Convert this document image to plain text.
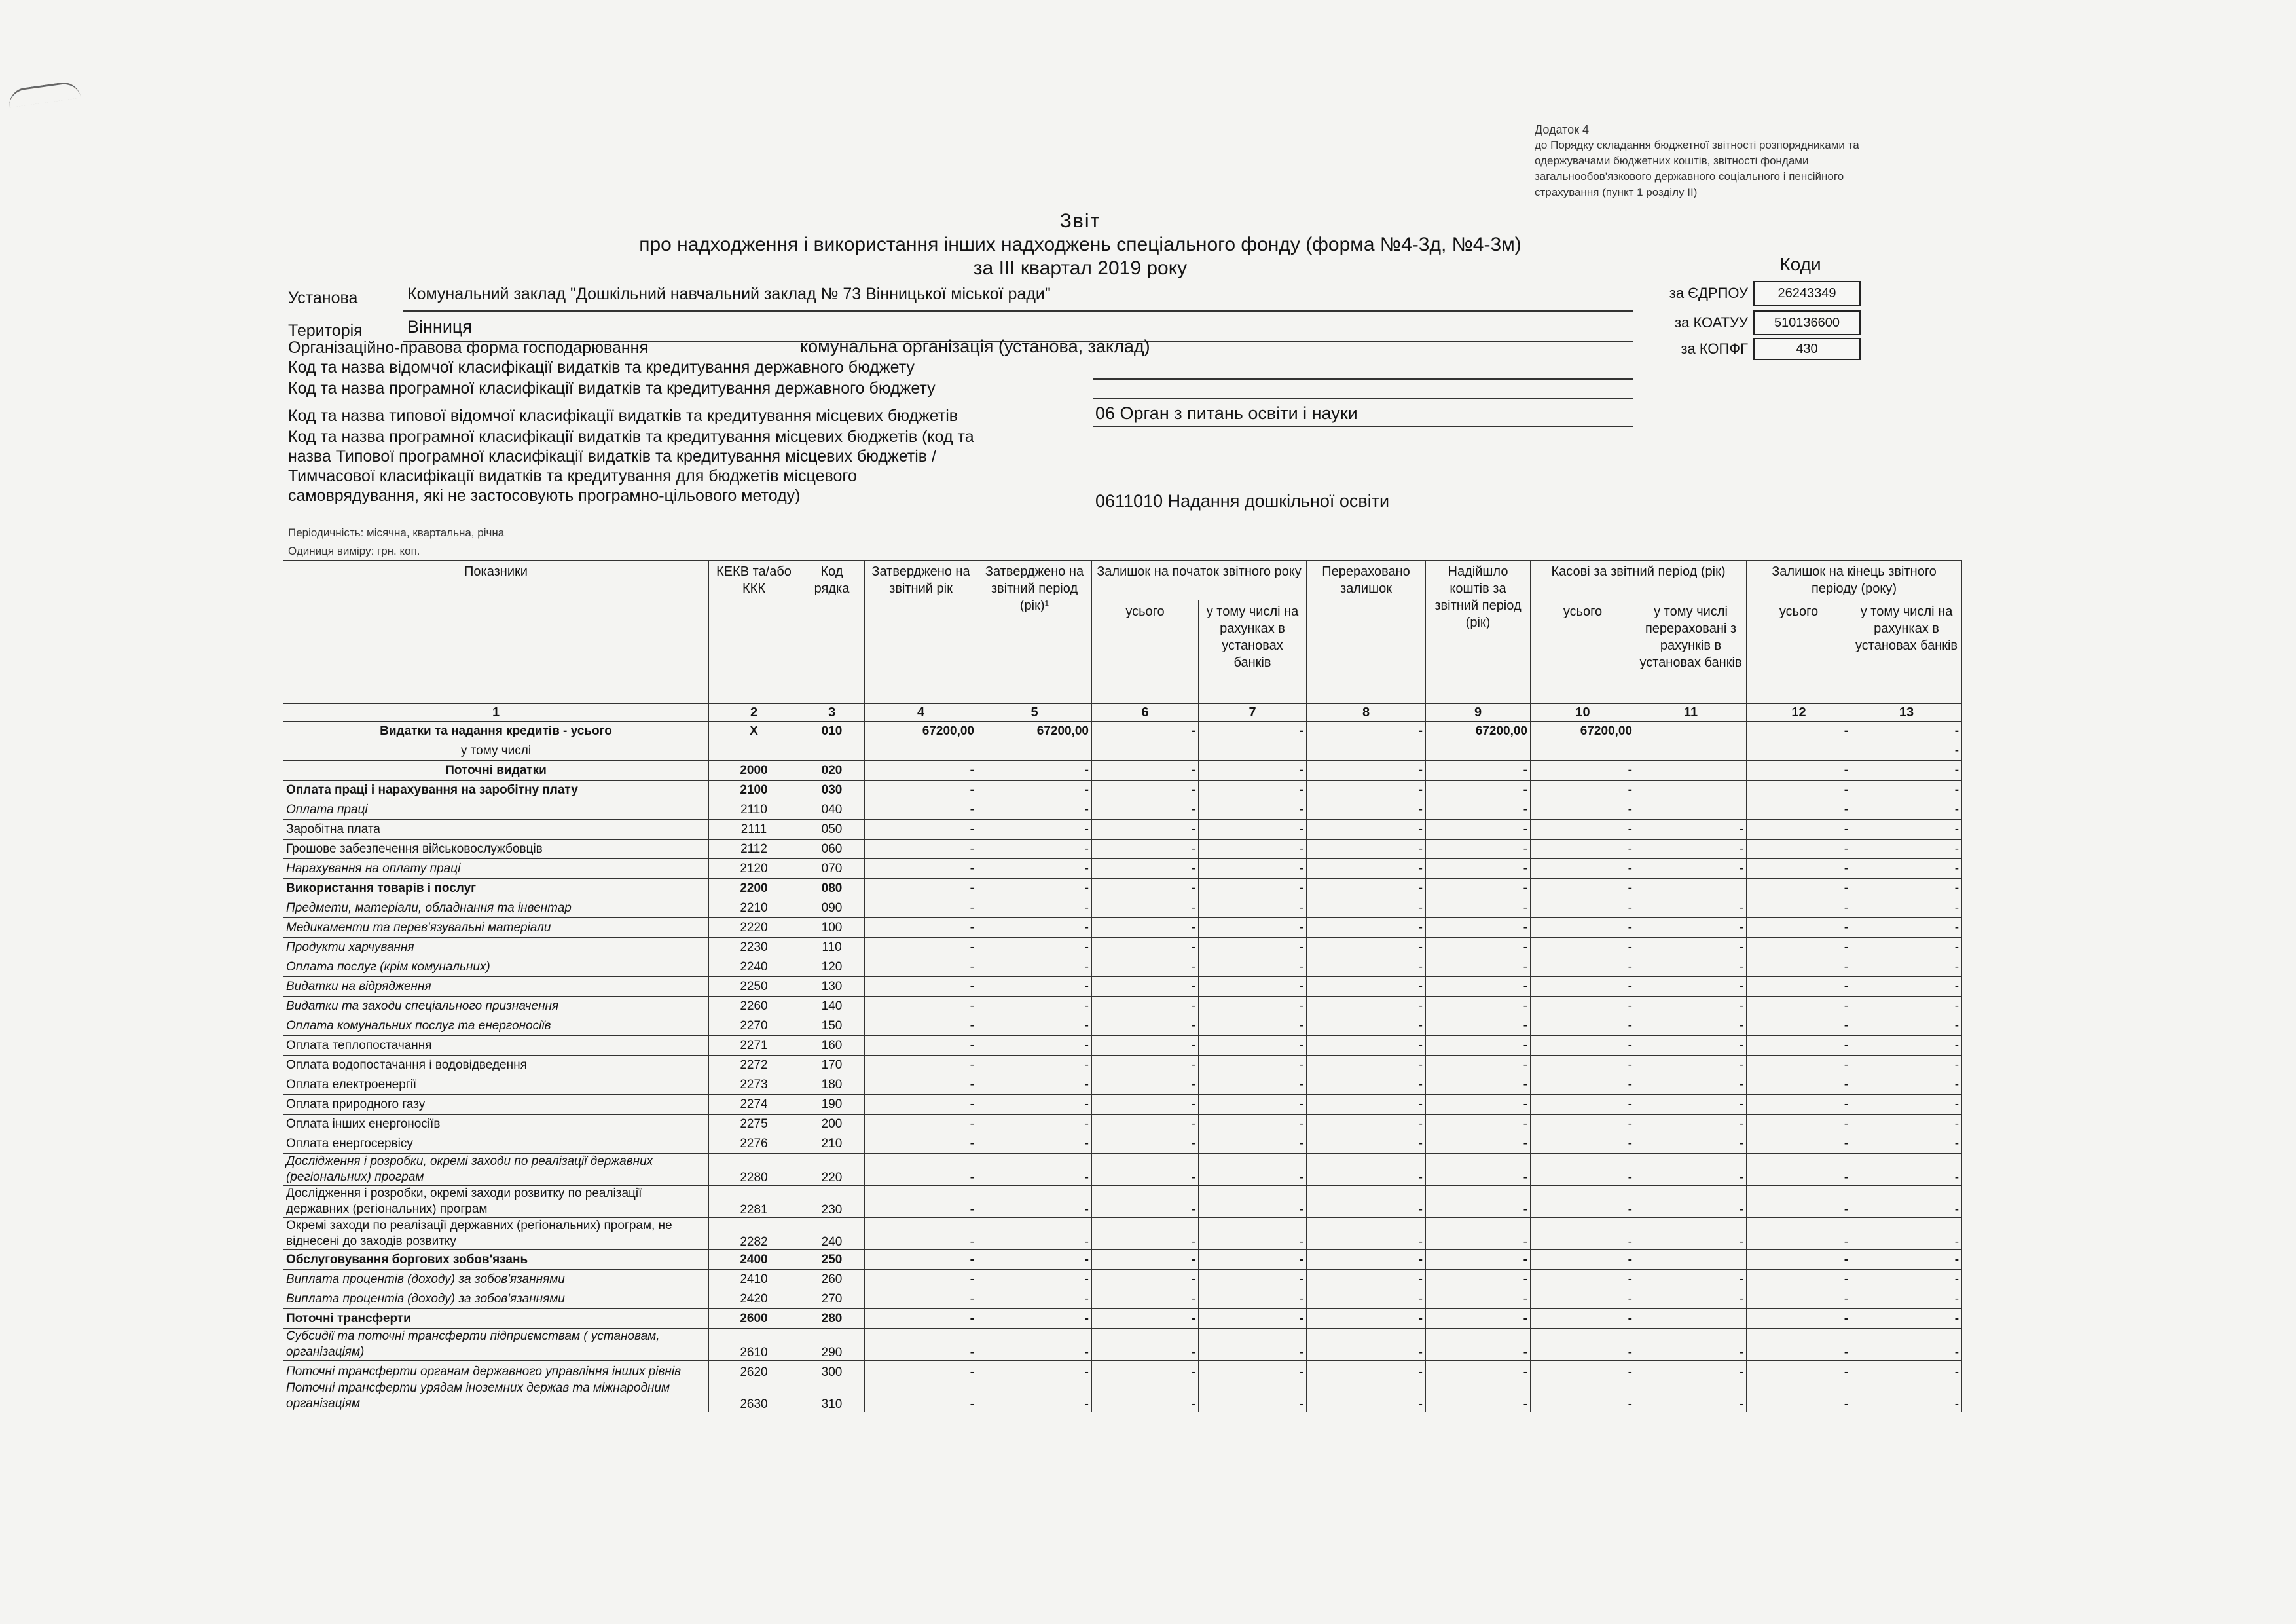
Додаток 4
до Порядку складання бюджетної звітності розпорядниками та
одержувачами бюджетних коштів, звітності фондами
загальнообов'язкового державного соціального і пенсійного
страхування (пункт 1 розділу ІІ)
Звіт
про надходження і використання інших надходжень спеціального фонду (форма №4-3д, №4-3м)
за ІІІ квартал 2019 року	Коди
за ЄДРПОУ	26243349
за КОАТУУ	510136600
за КОПФГ	430
Установа	Комунальний заклад "Дошкільний навчальний заклад № 73 Вінницької міської ради"
Територія	Вінниця
Організаційно-правова форма господарювання	комунальна організація (установа, заклад)
Код та назва відомчої класифікації видатків та кредитування державного бюджету
Код та назва програмної класифікації видатків та кредитування державного бюджету
Код та назва типової відомчої класифікації видатків та кредитування місцевих бюджетів	06 Орган з питань освіти і науки
Код та назва програмної класифікації видатків та кредитування місцевих бюджетів (код та
назва Типової програмної класифікації видатків та кредитування місцевих бюджетів /
Тимчасової класифікації видатків та кредитування для бюджетів місцевого
самоврядування, які не застосовують програмно-цільового методу)	0611010 Надання дошкільної освіти
Періодичність: місячна, квартальна, річна
Одиниця виміру: грн. коп.
Показники	КЕКВ та/або ККК	Код рядка	Затверджено на звітний рік	Затверджено на звітний період (рік)¹	Залишок на початок звітного року		Перераховано залишок	Надійшло коштів за звітний період (рік)	Касові за звітний період (рік)		Залишок на кінець звітного періоду (року)	
					усього	у тому числі на рахунках в установах банків			усього	у тому числі перераховані з рахунків в установах банків	усього	у тому числі на рахунках в установах банків
1	2	3	4	5	6	7	8	9	10	11	12	13
Видатки та надання кредитів - усього	X	010	67200,00	67200,00	-	-	-	67200,00	67200,00		-	-
у тому числі												-
Поточні видатки	2000	020	-	-	-	-	-	-	-		-	-
Оплата праці і нарахування на заробітну плату	2100	030	-	-	-	-	-	-	-		-	-
Оплата праці	2110	040	-	-	-	-	-	-	-		-	-
Заробітна плата	2111	050	-	-	-	-	-	-	-	-	-	-
Грошове забезпечення військовослужбовців	2112	060	-	-	-	-	-	-	-	-	-	-
Нарахування на оплату праці	2120	070	-	-	-	-	-	-	-	-	-	-
Використання товарів і послуг	2200	080	-	-	-	-	-	-	-		-	-
Предмети, матеріали, обладнання та інвентар	2210	090	-	-	-	-	-	-	-	-	-	-
Медикаменти та перев'язувальні матеріали	2220	100	-	-	-	-	-	-	-	-	-	-
Продукти харчування	2230	110	-	-	-	-	-	-	-	-	-	-
Оплата послуг (крім комунальних)	2240	120	-	-	-	-	-	-	-	-	-	-
Видатки на відрядження	2250	130	-	-	-	-	-	-	-	-	-	-
Видатки та заходи спеціального призначення	2260	140	-	-	-	-	-	-	-	-	-	-
Оплата комунальних послуг та енергоносіїв	2270	150	-	-	-	-	-	-	-	-	-	-
Оплата теплопостачання	2271	160	-	-	-	-	-	-	-	-	-	-
Оплата водопостачання і водовідведення	2272	170	-	-	-	-	-	-	-	-	-	-
Оплата електроенергії	2273	180	-	-	-	-	-	-	-	-	-	-
Оплата природного газу	2274	190	-	-	-	-	-	-	-	-	-	-
Оплата інших енергоносіїв	2275	200	-	-	-	-	-	-	-	-	-	-
Оплата енергосервісу	2276	210	-	-	-	-	-	-	-	-	-	-
Дослідження і розробки, окремі заходи по реалізації державних (регіональних) програм	2280	220	-	-	-	-	-	-	-	-	-	-
Дослідження і розробки, окремі заходи розвитку по реалізації державних (регіональних) програм	2281	230	-	-	-	-	-	-	-	-	-	-
Окремі заходи по реалізації державних (регіональних) програм, не віднесені до заходів розвитку	2282	240	-	-	-	-	-	-	-	-	-	-
Обслуговування боргових зобов'язань	2400	250	-	-	-	-	-	-	-		-	-
Виплата процентів (доходу) за зобов'язаннями	2410	260	-	-	-	-	-	-	-	-	-	-
Виплата процентів (доходу) за зобов'язаннями	2420	270	-	-	-	-	-	-	-	-	-	-
Поточні трансферти	2600	280	-	-	-	-	-	-	-		-	-
Субсидії та поточні трансферти підприємствам ( установам, організаціям)	2610	290	-	-	-	-	-	-	-	-	-	-
Поточні трансферти органам державного управління інших рівнів	2620	300	-	-	-	-	-	-	-	-	-	-
Поточні трансферти урядам іноземних держав та міжнародним організаціям	2630	310	-	-	-	-	-	-	-	-	-	-
